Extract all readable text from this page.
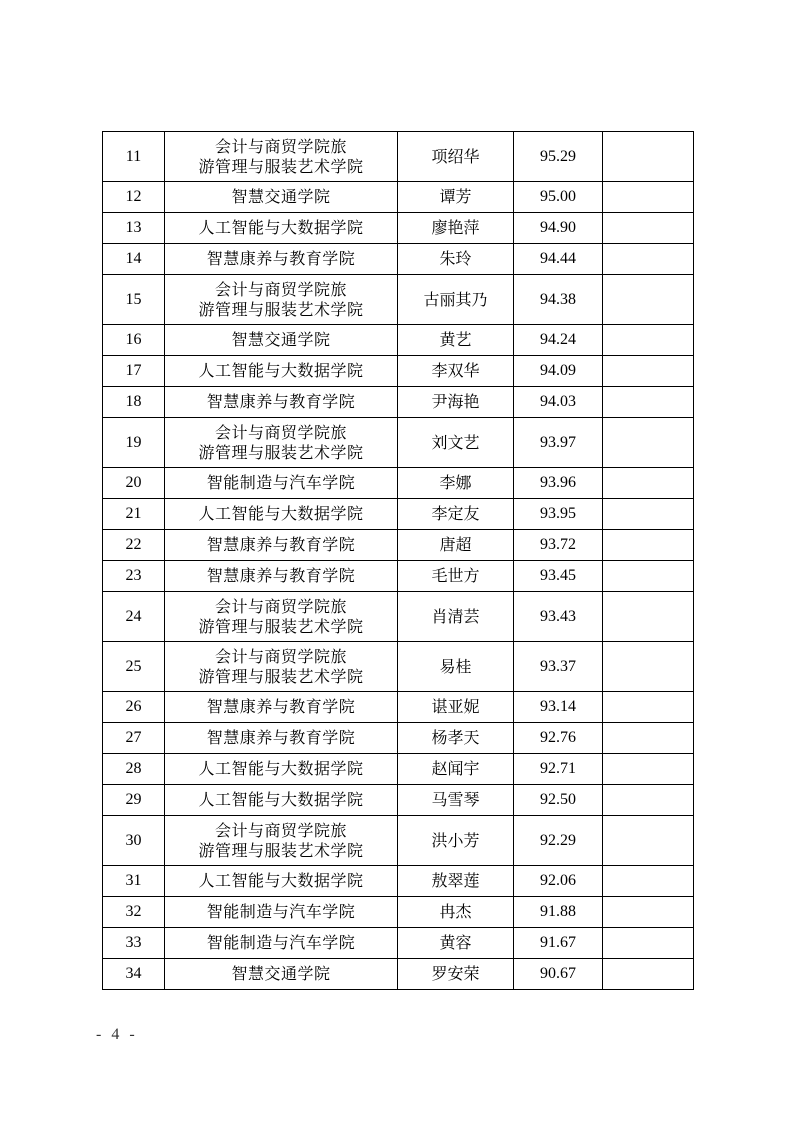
11	会计与商贸学院旅
游管理与服装艺术学院	项绍华	95.29	
12	智慧交通学院	谭芳	95.00	
13	人工智能与大数据学院	廖艳萍	94.90	
14	智慧康养与教育学院	朱玲	94.44	
15	会计与商贸学院旅
游管理与服装艺术学院	古丽其乃	94.38	
16	智慧交通学院	黄艺	94.24	
17	人工智能与大数据学院	李双华	94.09	
18	智慧康养与教育学院	尹海艳	94.03	
19	会计与商贸学院旅
游管理与服装艺术学院	刘文艺	93.97	
20	智能制造与汽车学院	李娜	93.96	
21	人工智能与大数据学院	李定友	93.95	
22	智慧康养与教育学院	唐超	93.72	
23	智慧康养与教育学院	毛世方	93.45	
24	会计与商贸学院旅
游管理与服装艺术学院	肖清芸	93.43	
25	会计与商贸学院旅
游管理与服装艺术学院	易桂	93.37	
26	智慧康养与教育学院	谌亚妮	93.14	
27	智慧康养与教育学院	杨孝天	92.76	
28	人工智能与大数据学院	赵闻宇	92.71	
29	人工智能与大数据学院	马雪琴	92.50	
30	会计与商贸学院旅
游管理与服装艺术学院	洪小芳	92.29	
31	人工智能与大数据学院	敖翠莲	92.06	
32	智能制造与汽车学院	冉杰	91.88	
33	智能制造与汽车学院	黄容	91.67	
34	智慧交通学院	罗安荣	90.67	
- 4 -
